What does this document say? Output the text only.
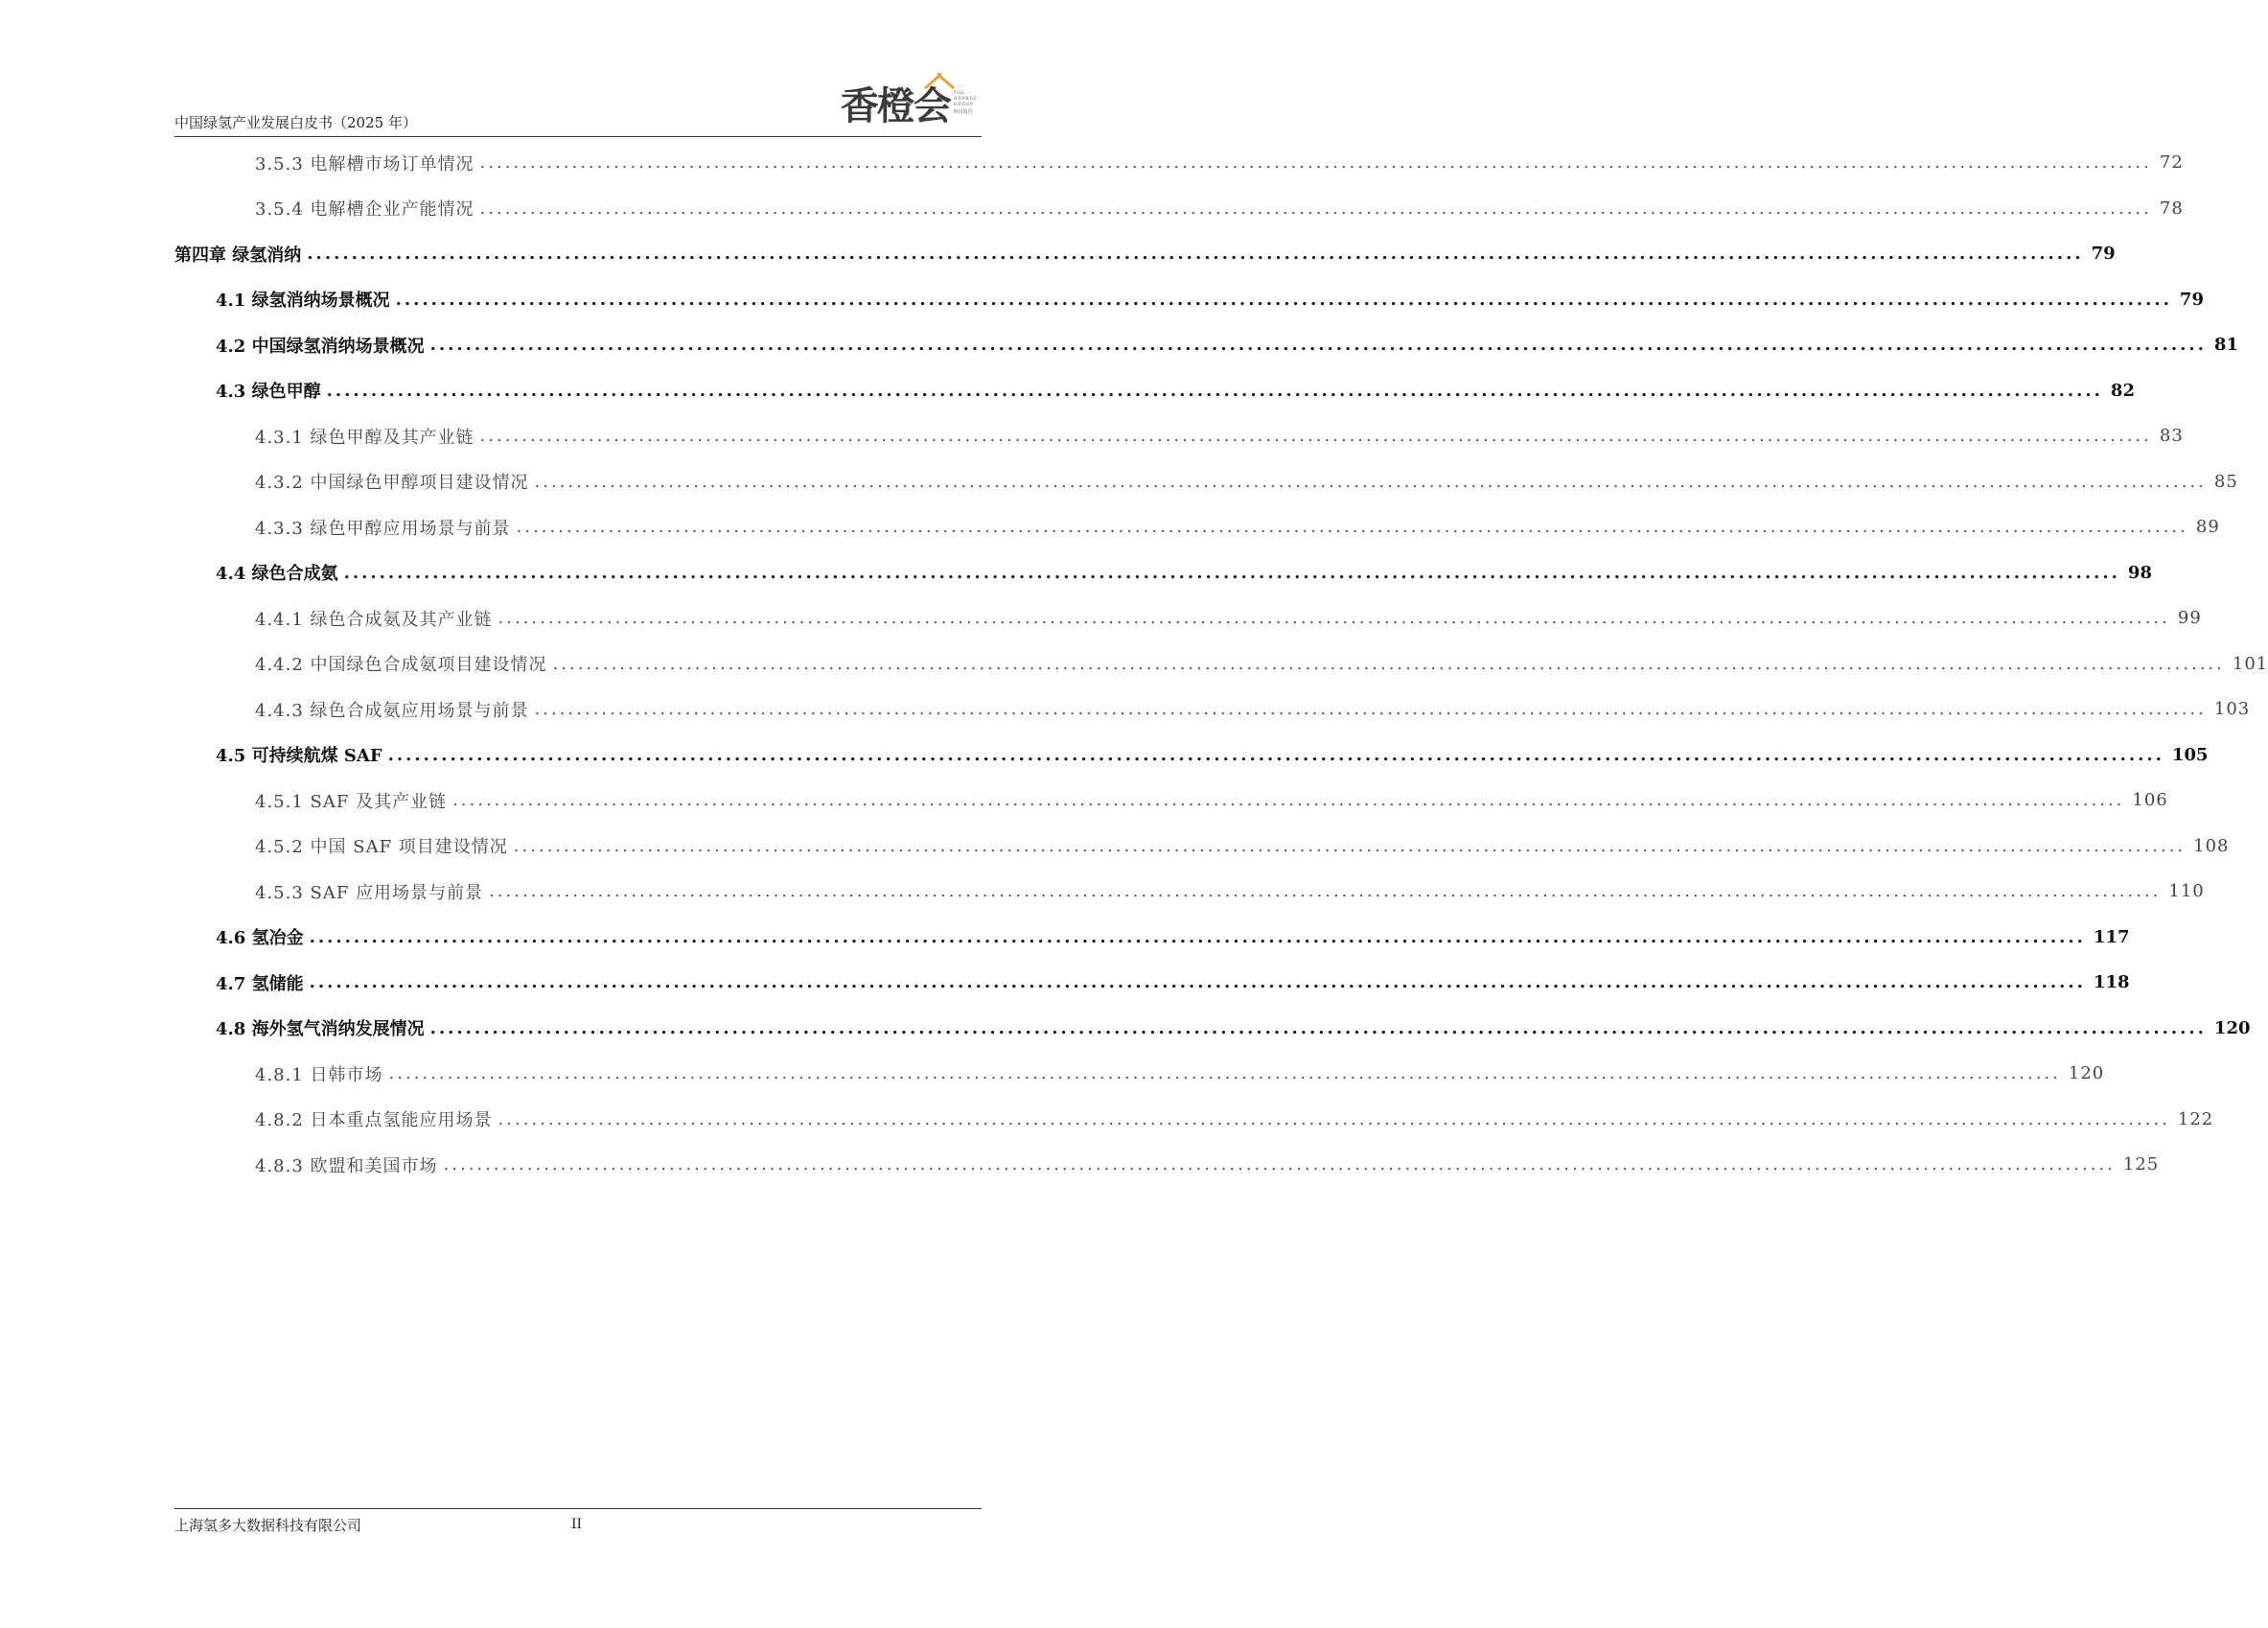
中国绿氢产业发展白皮书（2025 年）	香橙会 THE
ORANGE
GROUP
科技股份
3.5.3 电解槽市场订单情况 ........................................................................................................................................................................................................ 72
3.5.4 电解槽企业产能情况 ........................................................................................................................................................................................................ 78
第四章 绿氢消纳 ........................................................................................................................................................................................................ 79
4.1 绿氢消纳场景概况 ........................................................................................................................................................................................................ 79
4.2 中国绿氢消纳场景概况 ........................................................................................................................................................................................................ 81
4.3 绿色甲醇 ........................................................................................................................................................................................................ 82
4.3.1 绿色甲醇及其产业链 ........................................................................................................................................................................................................ 83
4.3.2 中国绿色甲醇项目建设情况 ........................................................................................................................................................................................................ 85
4.3.3 绿色甲醇应用场景与前景 ........................................................................................................................................................................................................ 89
4.4 绿色合成氨 ........................................................................................................................................................................................................ 98
4.4.1 绿色合成氨及其产业链 ........................................................................................................................................................................................................ 99
4.4.2 中国绿色合成氨项目建设情况 ........................................................................................................................................................................................................ 101
4.4.3 绿色合成氨应用场景与前景 ........................................................................................................................................................................................................ 103
4.5 可持续航煤 SAF ........................................................................................................................................................................................................ 105
4.5.1 SAF 及其产业链 ........................................................................................................................................................................................................ 106
4.5.2 中国 SAF 项目建设情况 ........................................................................................................................................................................................................ 108
4.5.3 SAF 应用场景与前景 ........................................................................................................................................................................................................ 110
4.6 氢冶金 ........................................................................................................................................................................................................ 117
4.7 氢储能 ........................................................................................................................................................................................................ 118
4.8 海外氢气消纳发展情况 ........................................................................................................................................................................................................ 120
4.8.1 日韩市场 ........................................................................................................................................................................................................ 120
4.8.2 日本重点氢能应用场景 ........................................................................................................................................................................................................ 122
4.8.3 欧盟和美国市场 ........................................................................................................................................................................................................ 125
上海氢多大数据科技有限公司	II
